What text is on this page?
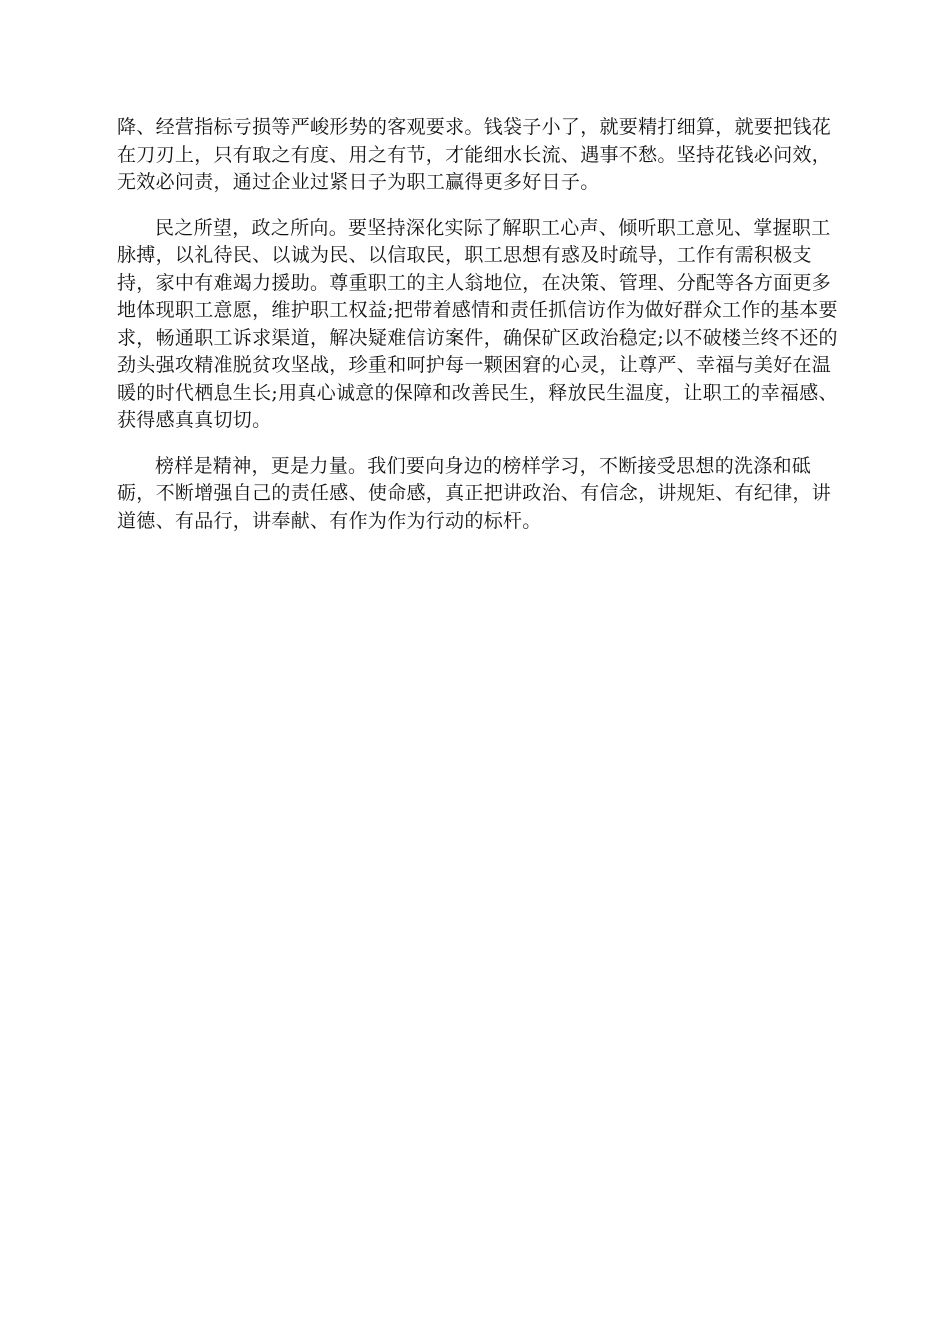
降、经营指标亏损等严峻形势的客观要求。钱袋子小了，就要精打细算，就要把钱花
在刀刃上，只有取之有度、用之有节，才能细水长流、遇事不愁。坚持花钱必问效，
无效必问责，通过企业过紧日子为职工赢得更多好日子。

民之所望，政之所向。要坚持深化实际了解职工心声、倾听职工意见、掌握职工
脉搏，以礼待民、以诚为民、以信取民，职工思想有惑及时疏导，工作有需积极支
持，家中有难竭力援助。尊重职工的主人翁地位，在决策、管理、分配等各方面更多
地体现职工意愿，维护职工权益;把带着感情和责任抓信访作为做好群众工作的基本要
求，畅通职工诉求渠道，解决疑难信访案件，确保矿区政治稳定;以不破楼兰终不还的
劲头强攻精准脱贫攻坚战，珍重和呵护每一颗困窘的心灵，让尊严、幸福与美好在温
暖的时代栖息生长;用真心诚意的保障和改善民生，释放民生温度，让职工的幸福感、
获得感真真切切。

榜样是精神，更是力量。我们要向身边的榜样学习，不断接受思想的洗涤和砥
砺，不断增强自己的责任感、使命感，真正把讲政治、有信念，讲规矩、有纪律，讲
道德、有品行，讲奉献、有作为作为行动的标杆。
